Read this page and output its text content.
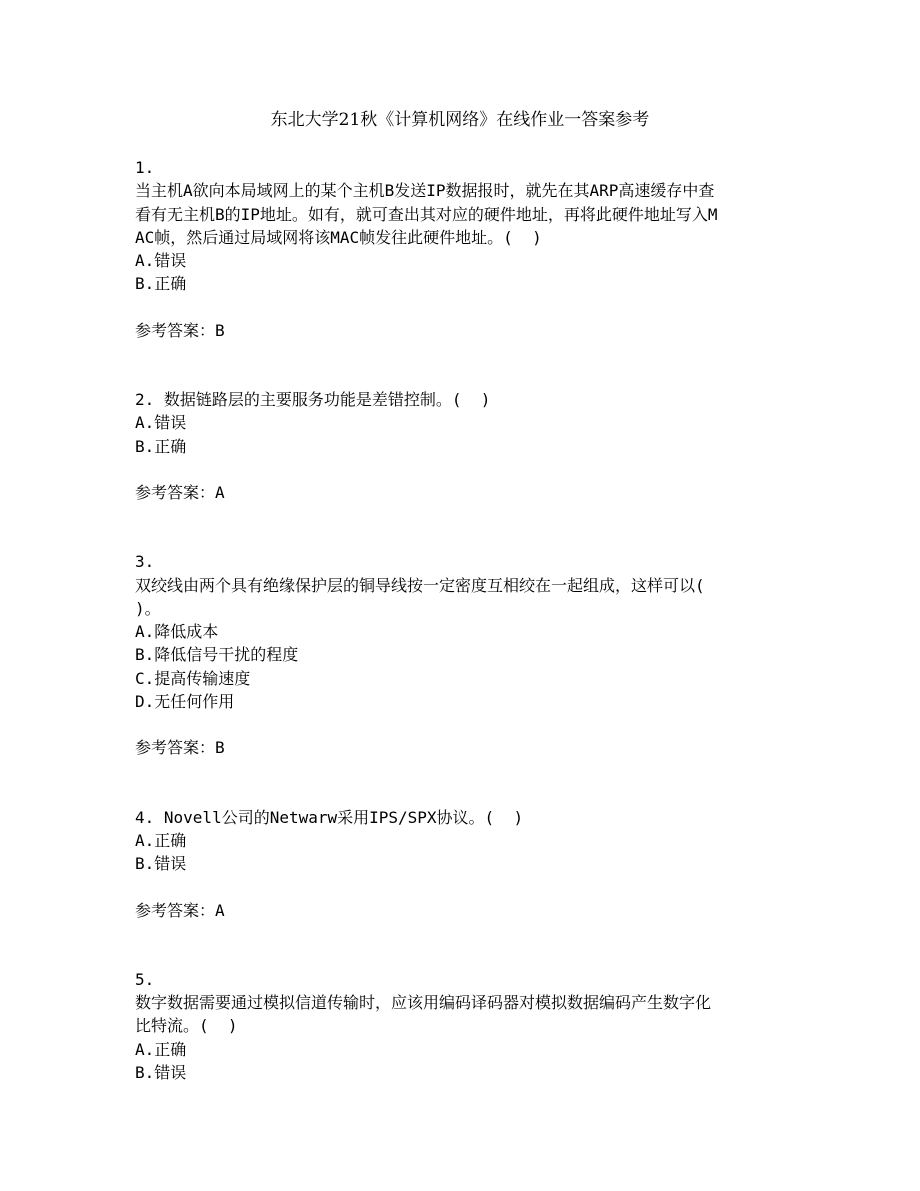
东北大学21秋《计算机网络》在线作业一答案参考
1.
当主机A欲向本局域网上的某个主机B发送IP数据报时，就先在其ARP高速缓存中查
看有无主机B的IP地址。如有，就可查出其对应的硬件地址，再将此硬件地址写入M
AC帧，然后通过局域网将该MAC帧发往此硬件地址。(  )
A.错误
B.正确
参考答案：B
2. 数据链路层的主要服务功能是差错控制。(  )
A.错误
B.正确
参考答案：A
3.
双绞线由两个具有绝缘保护层的铜导线按一定密度互相绞在一起组成，这样可以(
)。
A.降低成本
B.降低信号干扰的程度
C.提高传输速度
D.无任何作用
参考答案：B
4. Novell公司的Netwarw采用IPS/SPX协议。(  )
A.正确
B.错误
参考答案：A
5.
数字数据需要通过模拟信道传输时，应该用编码译码器对模拟数据编码产生数字化
比特流。(  )
A.正确
B.错误
